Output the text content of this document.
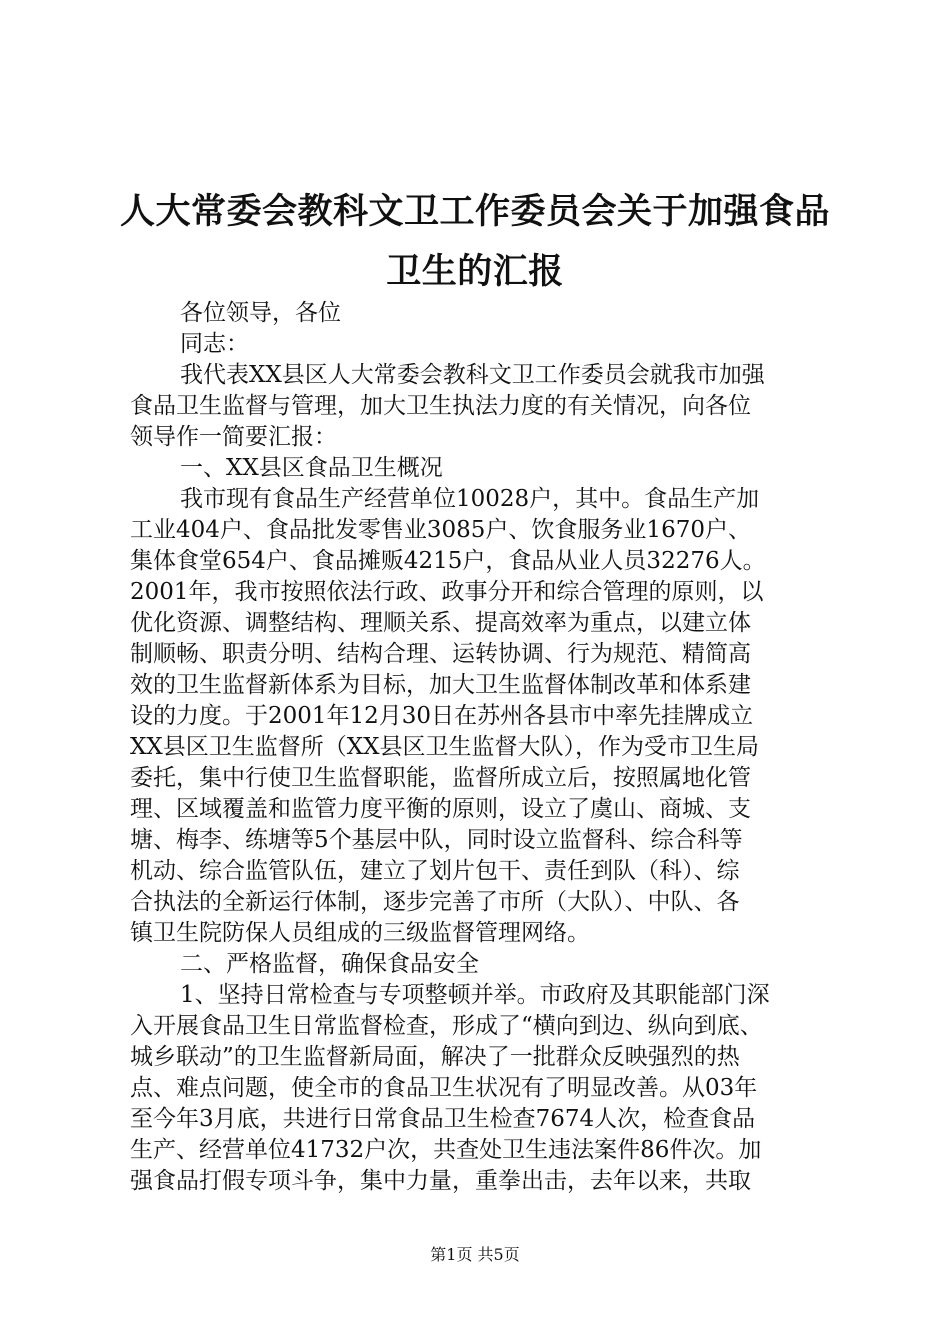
人大常委会教科文卫工作委员会关于加强食品
卫生的汇报
各位领导，各位
同志：
我代表XX县区人大常委会教科文卫工作委员会就我市加强
食品卫生监督与管理，加大卫生执法力度的有关情况，向各位
领导作一简要汇报：
一、XX县区食品卫生概况
我市现有食品生产经营单位10028户，其中。食品生产加
工业404户、食品批发零售业3085户、饮食服务业1670户、
集体食堂654户、食品摊贩4215户，食品从业人员32276人。
2001年，我市按照依法行政、政事分开和综合管理的原则，以
优化资源、调整结构、理顺关系、提高效率为重点，以建立体
制顺畅、职责分明、结构合理、运转协调、行为规范、精简高
效的卫生监督新体系为目标，加大卫生监督体制改革和体系建
设的力度。于2001年12月30日在苏州各县市中率先挂牌成立
XX县区卫生监督所（XX县区卫生监督大队），作为受市卫生局
委托，集中行使卫生监督职能，监督所成立后，按照属地化管
理、区域覆盖和监管力度平衡的原则，设立了虞山、商城、支
塘、梅李、练塘等5个基层中队，同时设立监督科、综合科等
机动、综合监管队伍，建立了划片包干、责任到队（科）、综
合执法的全新运行体制，逐步完善了市所（大队）、中队、各
镇卫生院防保人员组成的三级监督管理网络。
二、严格监督，确保食品安全
1、坚持日常检查与专项整顿并举。市政府及其职能部门深
入开展食品卫生日常监督检查，形成了“横向到边、纵向到底、
城乡联动”的卫生监督新局面，解决了一批群众反映强烈的热
点、难点问题，使全市的食品卫生状况有了明显改善。从03年
至今年3月底，共进行日常食品卫生检查7674人次，检查食品
生产、经营单位41732户次，共查处卫生违法案件86件次。加
强食品打假专项斗争，集中力量，重拳出击，去年以来，共取
第1页 共5页
